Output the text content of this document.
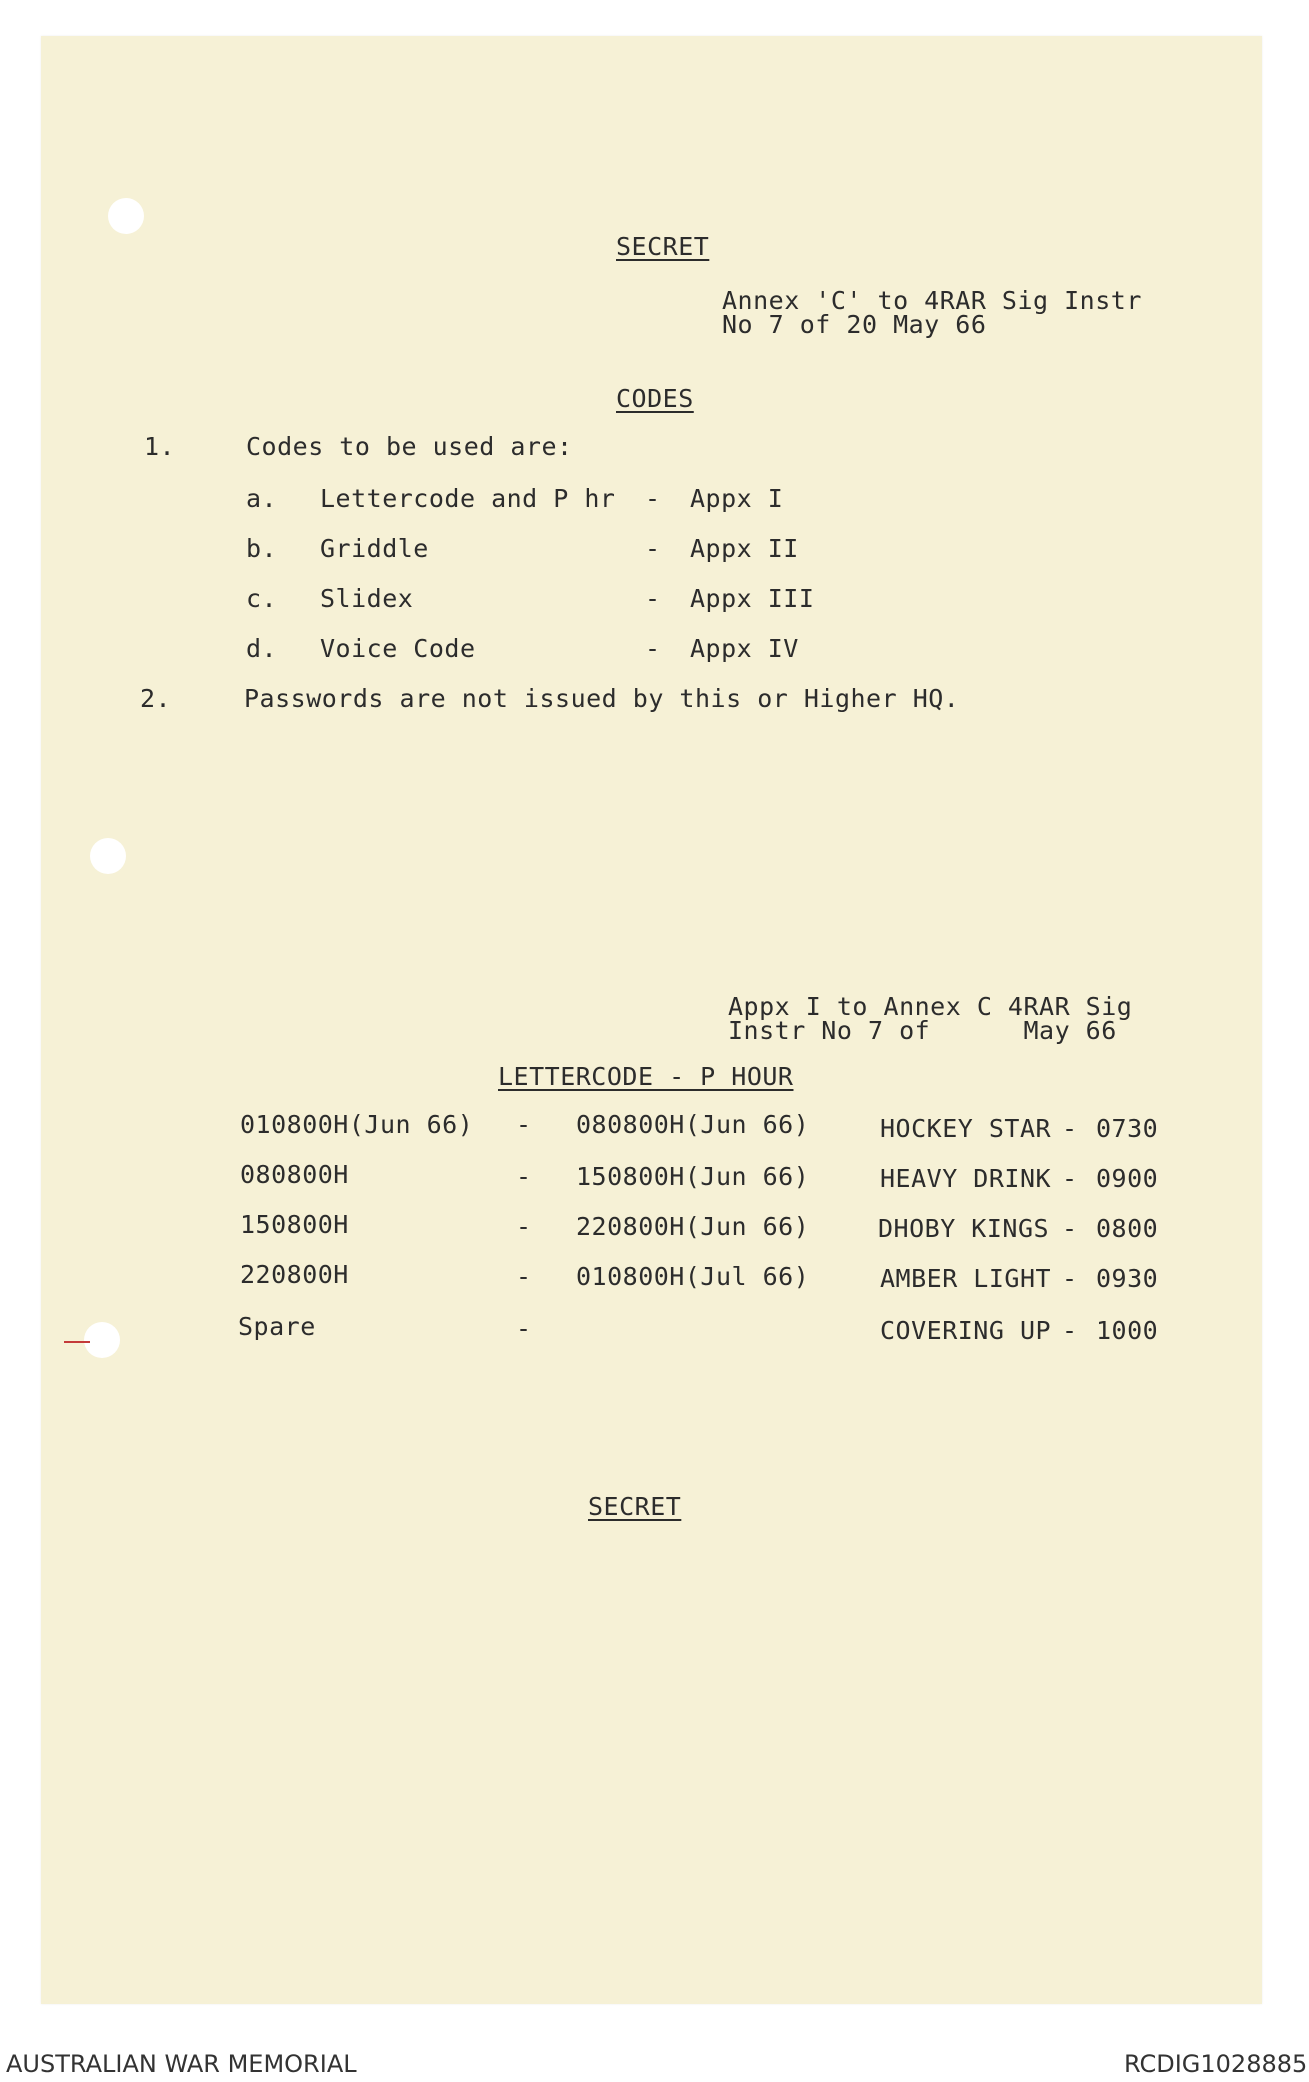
SECRET
Annex 'C' to 4RAR Sig Instr
No 7 of 20 May 66
CODES
1.	Codes to be used are:
a. Lettercode and P hr - Appx I
b. Griddle	- Appx II
c. Slidex	- Appx III
d. Voice Code	- Appx IV
2.	Passwords are not issued by this or Higher HQ.
Appx I to Annex C 4RAR Sig
Instr No 7 of      May 66
LETTERCODE - P HOUR
010800H(Jun 66) - 080800H(Jun 66)	HOCKEY STAR - 0730
080800H	- 150800H(Jun 66)	HEAVY DRINK - 0900
150800H	- 220800H(Jun 66)	DHOBY KINGS - 0800
220800H	- 010800H(Jul 66)	AMBER LIGHT - 0930
Spare	-	COVERING UP - 1000
SECRET
AUSTRALIAN WAR MEMORIAL	RCDIG1028885
